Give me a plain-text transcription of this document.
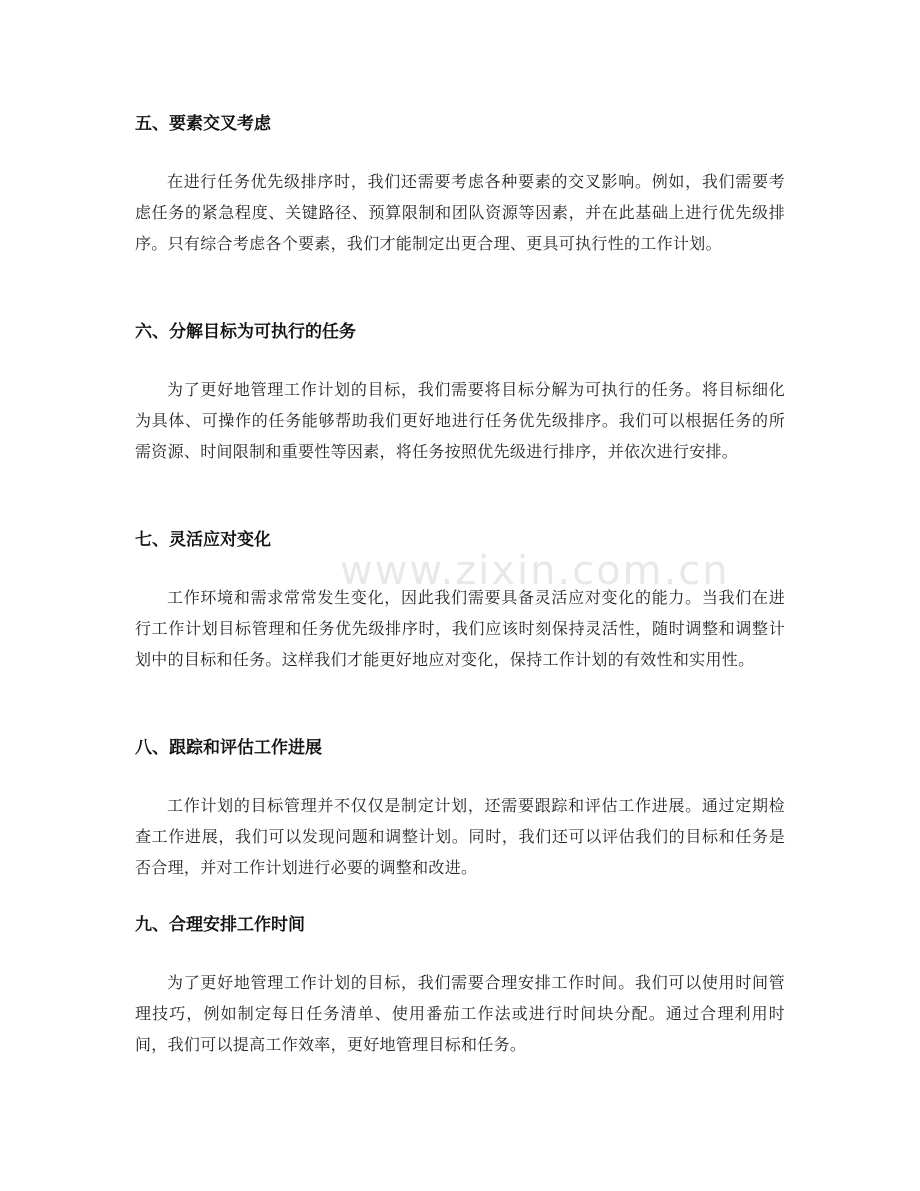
www.zixin.com.cn
五、要素交叉考虑

在进行任务优先级排序时，我们还需要考虑各种要素的交叉影响。例如，我们需要考虑任务的紧急程度、关键路径、预算限制和团队资源等因素，并在此基础上进行优先级排序。只有综合考虑各个要素，我们才能制定出更合理、更具可执行性的工作计划。

六、分解目标为可执行的任务

为了更好地管理工作计划的目标，我们需要将目标分解为可执行的任务。将目标细化为具体、可操作的任务能够帮助我们更好地进行任务优先级排序。我们可以根据任务的所需资源、时间限制和重要性等因素，将任务按照优先级进行排序，并依次进行安排。

七、灵活应对变化

工作环境和需求常常发生变化，因此我们需要具备灵活应对变化的能力。当我们在进行工作计划目标管理和任务优先级排序时，我们应该时刻保持灵活性，随时调整和调整计划中的目标和任务。这样我们才能更好地应对变化，保持工作计划的有效性和实用性。

八、跟踪和评估工作进展

工作计划的目标管理并不仅仅是制定计划，还需要跟踪和评估工作进展。通过定期检查工作进展，我们可以发现问题和调整计划。同时，我们还可以评估我们的目标和任务是否合理，并对工作计划进行必要的调整和改进。

九、合理安排工作时间

为了更好地管理工作计划的目标，我们需要合理安排工作时间。我们可以使用时间管理技巧，例如制定每日任务清单、使用番茄工作法或进行时间块分配。通过合理利用时间，我们可以提高工作效率，更好地管理目标和任务。
